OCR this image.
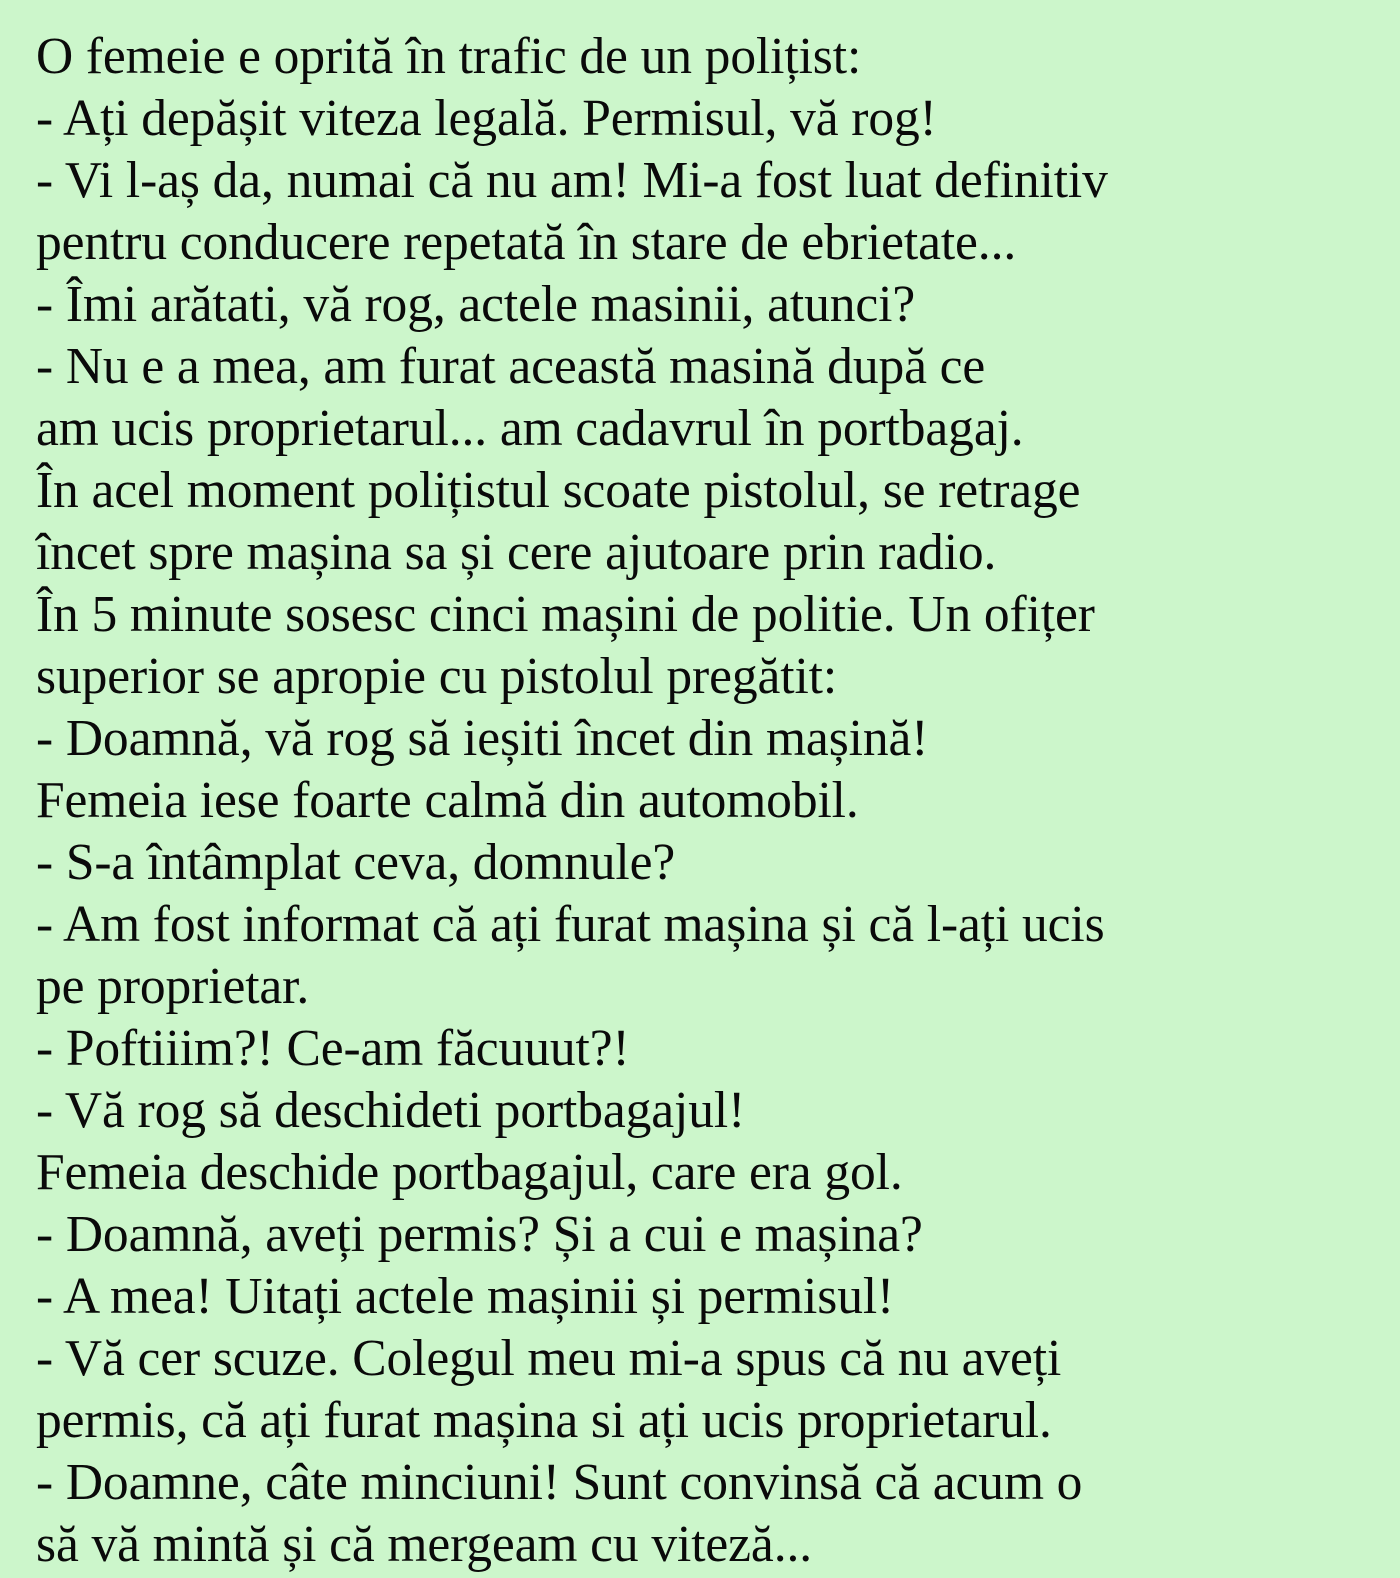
O femeie e oprită în trafic de un polițist:
- Ați depășit viteza legală. Permisul, vă rog!
- Vi l-aș da, numai că nu am! Mi-a fost luat definitiv
pentru conducere repetată în stare de ebrietate...
- Îmi arătati, vă rog, actele masinii, atunci?
- Nu e a mea, am furat această masină după ce
am ucis proprietarul... am cadavrul în portbagaj.
În acel moment polițistul scoate pistolul, se retrage
încet spre mașina sa și cere ajutoare prin radio.
În 5 minute sosesc cinci mașini de politie. Un ofițer
superior se apropie cu pistolul pregătit:
- Doamnă, vă rog să ieșiti încet din mașină!
Femeia iese foarte calmă din automobil.
- S-a întâmplat ceva, domnule?
- Am fost informat că ați furat mașina și că l-ați ucis
pe proprietar.
- Poftiiim?! Ce-am făcuuut?!
- Vă rog să deschideti portbagajul!
Femeia deschide portbagajul, care era gol.
- Doamnă, aveți permis? Și a cui e mașina?
- A mea! Uitați actele mașinii și permisul!
- Vă cer scuze. Colegul meu mi-a spus că nu aveți
permis, că ați furat mașina si ați ucis proprietarul.
- Doamne, câte minciuni! Sunt convinsă că acum o
să vă mintă și că mergeam cu viteză...
